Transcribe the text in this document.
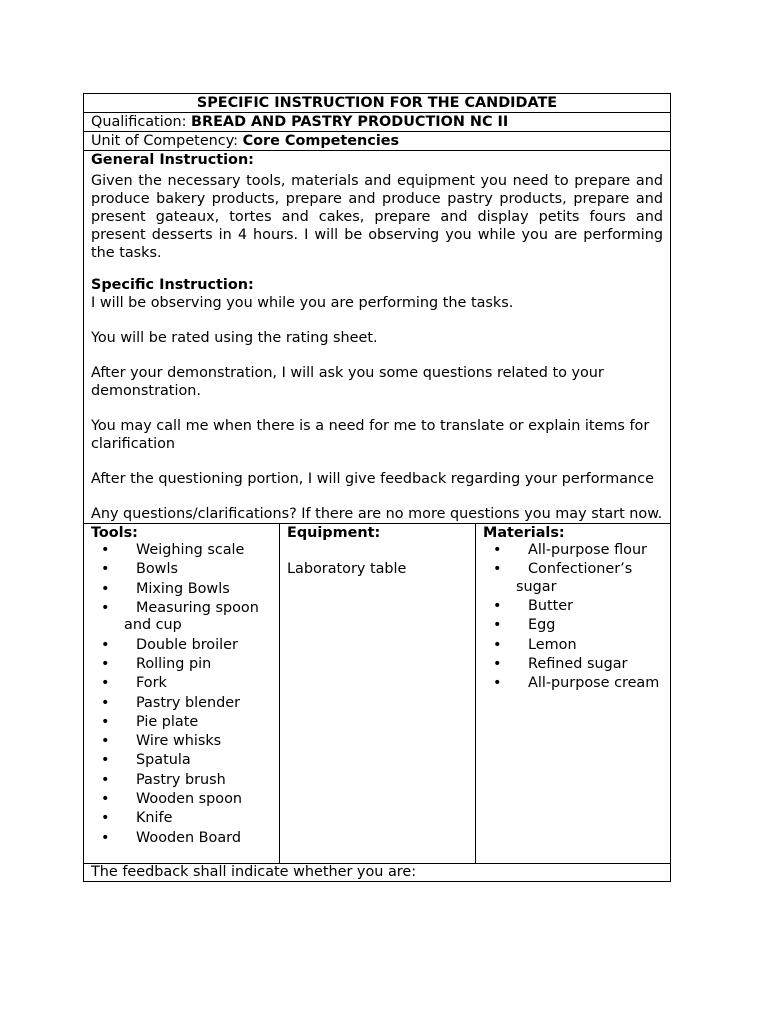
SPECIFIC INSTRUCTION FOR THE CANDIDATE
Qualification: BREAD AND PASTRY PRODUCTION NC II
Unit of Competency: Core Competencies
General Instruction:

Given the necessary tools, materials and equipment you need to prepare and produce bakery products, prepare and produce pastry products, prepare and present gateaux, tortes and cakes, prepare and display petits fours and present desserts in 4 hours. I will be observing you while you are performing the tasks.

Specific Instruction:

I will be observing you while you are performing the tasks.

You will be rated using the rating sheet.

After your demonstration, I will ask you some questions related to your demonstration.

You may call me when there is a need for me to translate or explain items for clarification

After the questioning portion, I will give feedback regarding your performance

Any questions/clarifications? If there are no more questions you may start now.

Tools:
• Weighing scale
• Bowls
• Mixing Bowls
• Measuring spoon and cup
• Double broiler
• Rolling pin
• Fork
• Pastry blender
• Pie plate
• Wire whisks
• Spatula
• Pastry brush
• Wooden spoon
• Knife
• Wooden Board
Equipment:
Laboratory table
Materials:
• All-purpose flour
• Confectioner’s sugar
• Butter
• Egg
• Lemon
• Refined sugar
• All-purpose cream
The feedback shall indicate whether you are:
